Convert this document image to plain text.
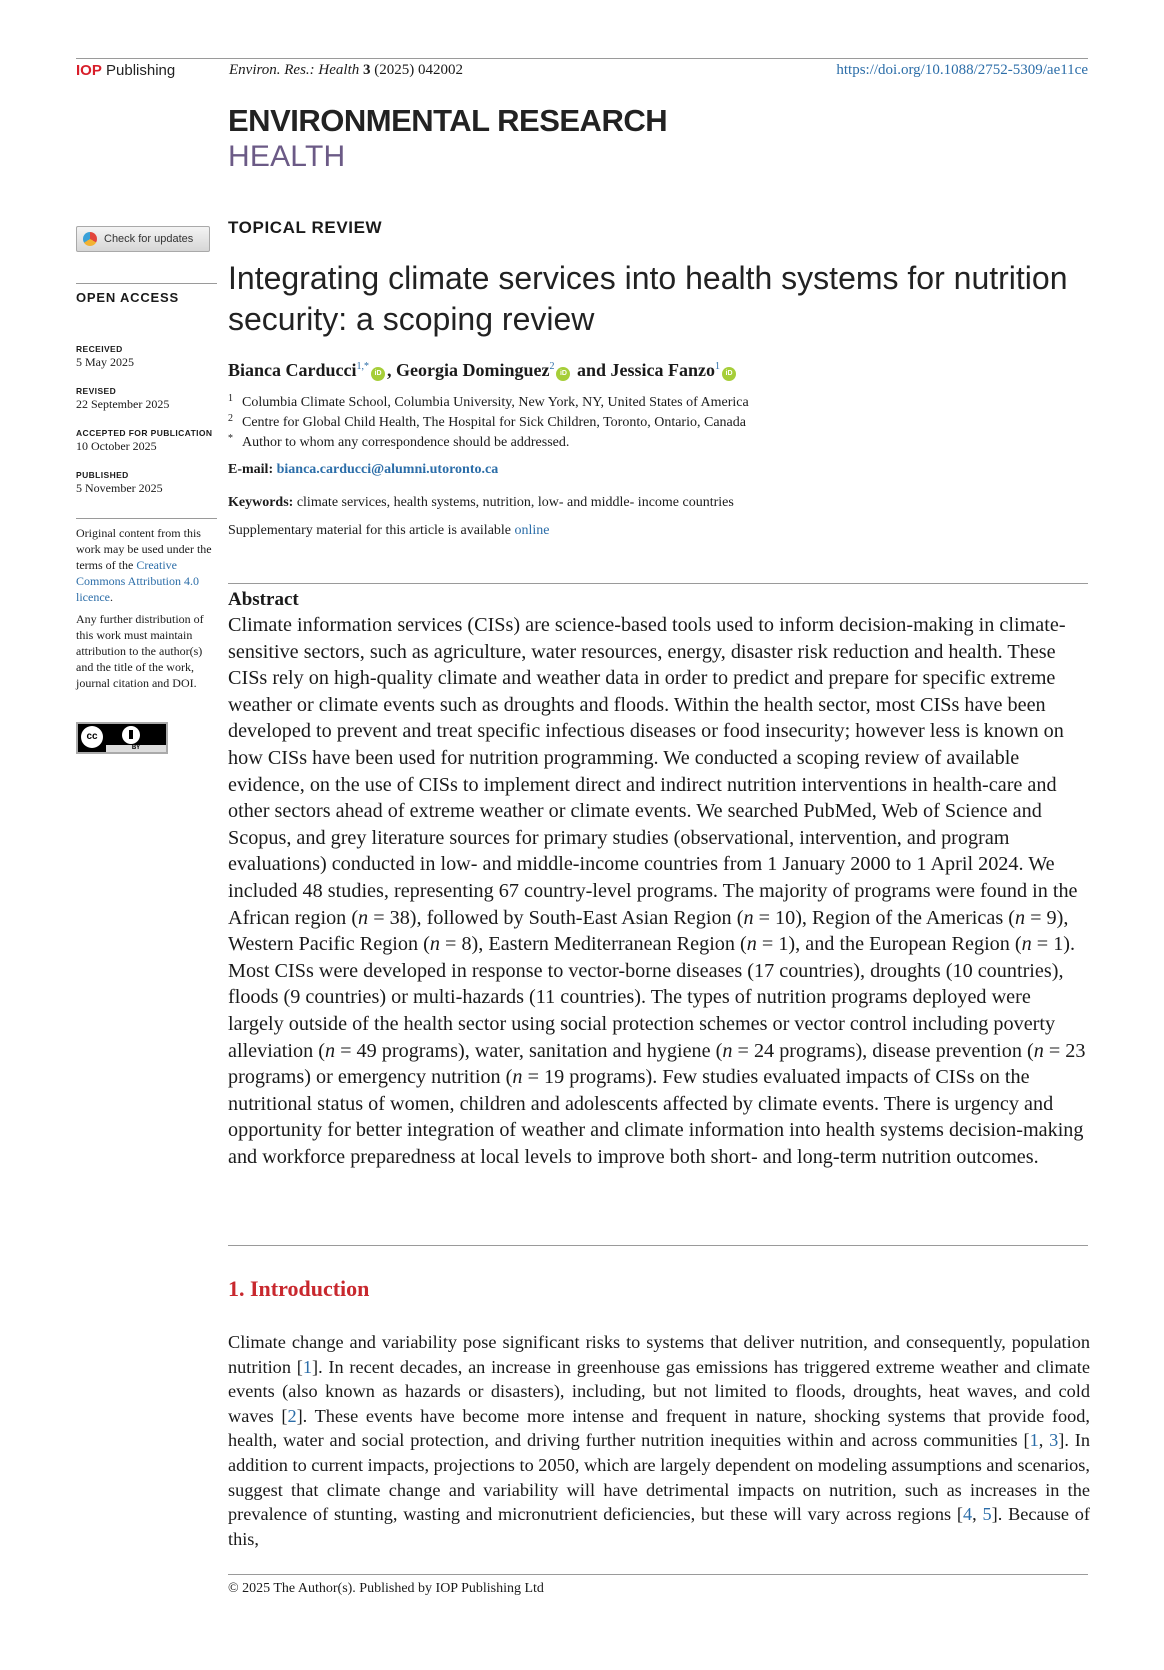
IOP Publishing	Environ. Res.: Health 3 (2025) 042002	https://doi.org/10.1088/2752-5309/ae11ce
ENVIRONMENTAL RESEARCH
HEALTH
Check for updates
OPEN ACCESS
RECEIVED
5 May 2025
REVISED
22 September 2025
ACCEPTED FOR PUBLICATION
10 October 2025
PUBLISHED
5 November 2025
Original content from this work may be used under the terms of the Creative Commons Attribution 4.0 licence.
Any further distribution of this work must maintain attribution to the author(s) and the title of the work, journal citation and DOI.
cc
BY
TOPICAL REVIEW
Integrating climate services into health systems for nutrition security: a scoping review
Bianca Carducci$^{1,*}$iD , Georgia Dominguez$^2$iD and Jessica Fanzo$^1$iD
1 Columbia Climate School, Columbia University, New York, NY, United States of America
2 Centre for Global Child Health, The Hospital for Sick Children, Toronto, Ontario, Canada
* Author to whom any correspondence should be addressed.
E-mail: bianca.carducci@alumni.utoronto.ca
Keywords: climate services, health systems, nutrition, low- and middle- income countries
Supplementary material for this article is available online
Abstract

Climate information services (CISs) are science-based tools used to inform decision-making in climate-sensitive sectors, such as agriculture, water resources, energy, disaster risk reduction and health. These CISs rely on high-quality climate and weather data in order to predict and prepare for specific extreme weather or climate events such as droughts and floods. Within the health sector, most CISs have been developed to prevent and treat specific infectious diseases or food insecurity; however less is known on how CISs have been used for nutrition programming. We conducted a scoping review of available evidence, on the use of CISs to implement direct and indirect nutrition interventions in health-care and other sectors ahead of extreme weather or climate events. We searched PubMed, Web of Science and Scopus, and grey literature sources for primary studies (observational, intervention, and program evaluations) conducted in low- and middle-income countries from 1 January 2000 to 1 April 2024. We included 48 studies, representing 67 country-level programs. The majority of programs were found in the African region (n = 38), followed by South-East Asian Region (n = 10), Region of the Americas (n = 9), Western Pacific Region (n = 8), Eastern Mediterranean Region (n = 1), and the European Region (n = 1). Most CISs were developed in response to vector-borne diseases (17 countries), droughts (10 countries), floods (9 countries) or multi-hazards (11 countries). The types of nutrition programs deployed were largely outside of the health sector using social protection schemes or vector control including poverty alleviation (n = 49 programs), water, sanitation and hygiene (n = 24 programs), disease prevention (n = 23 programs) or emergency nutrition (n = 19 programs). Few studies evaluated impacts of CISs on the nutritional status of women, children and adolescents affected by climate events. There is urgency and opportunity for better integration of weather and climate information into health systems decision-making and workforce preparedness at local levels to improve both short- and long-term nutrition outcomes.

1. Introduction

Climate change and variability pose significant risks to systems that deliver nutrition, and consequently, population nutrition [1]. In recent decades, an increase in greenhouse gas emissions has triggered extreme weather and climate events (also known as hazards or disasters), including, but not limited to floods, droughts, heat waves, and cold waves [2]. These events have become more intense and frequent in nature, shocking systems that provide food, health, water and social protection, and driving further nutrition inequities within and across communities [1, 3]. In addition to current impacts, projections to 2050, which are largely dependent on modeling assumptions and scenarios, suggest that climate change and variability will have detrimental impacts on nutrition, such as increases in the prevalence of stunting, wasting and micronutrient deficiencies, but these will vary across regions [4, 5]. Because of this,

© 2025 The Author(s). Published by IOP Publishing Ltd
